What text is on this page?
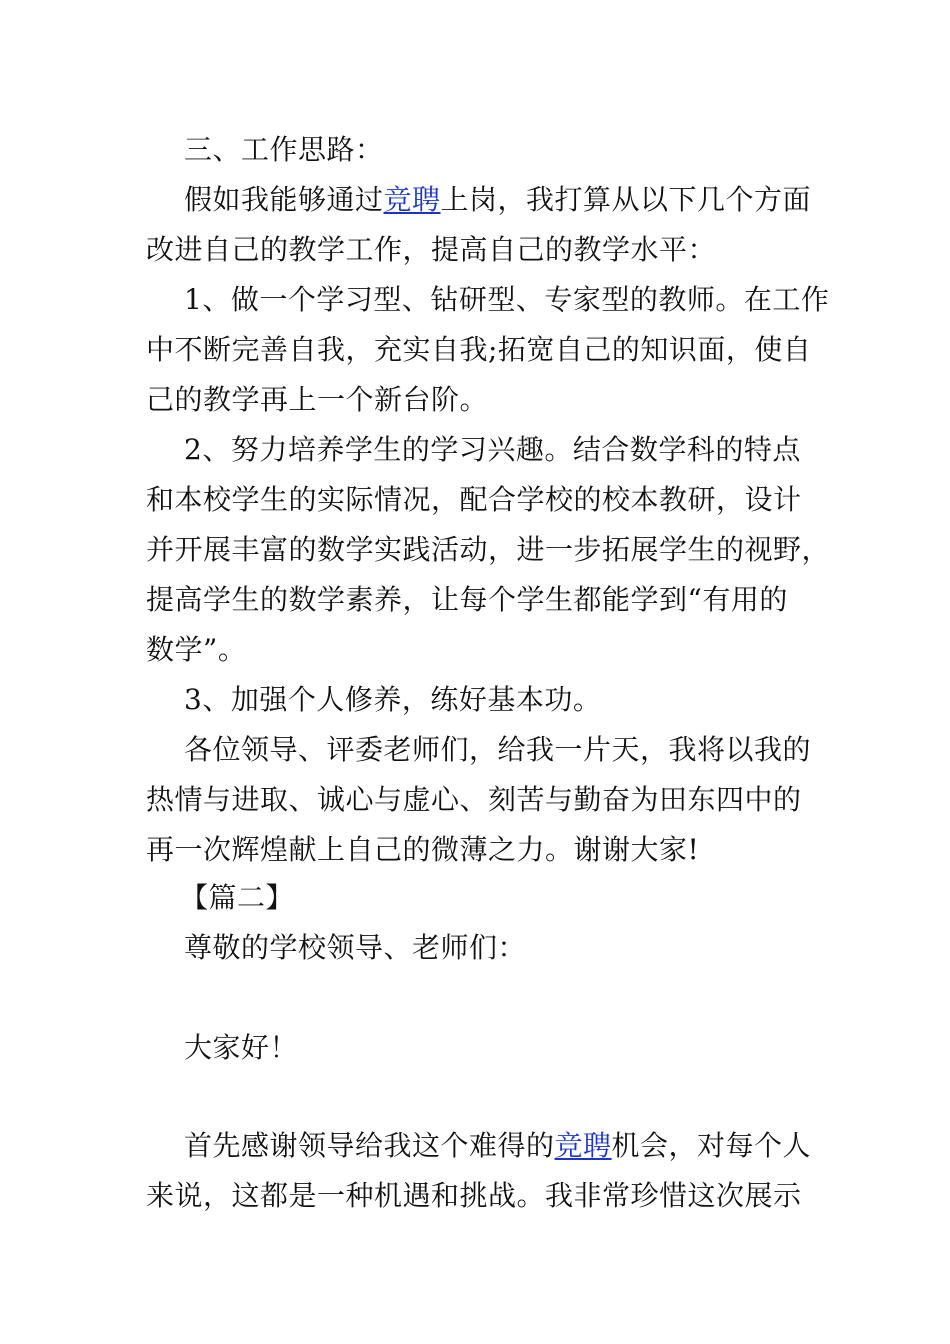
三、工作思路：
假如我能够通过竞聘上岗，我打算从以下几个方面
改进自己的教学工作，提高自己的教学水平：
1、做一个学习型、钻研型、专家型的教师。在工作
中不断完善自我，充实自我;拓宽自己的知识面，使自
己的教学再上一个新台阶。
2、努力培养学生的学习兴趣。结合数学科的特点
和本校学生的实际情况，配合学校的校本教研，设计
并开展丰富的数学实践活动，进一步拓展学生的视野，
提高学生的数学素养，让每个学生都能学到“有用的
数学”。
3、加强个人修养，练好基本功。
各位领导、评委老师们，给我一片天，我将以我的
热情与进取、诚心与虚心、刻苦与勤奋为田东四中的
再一次辉煌献上自己的微薄之力。谢谢大家!
【篇二】
尊敬的学校领导、老师们：
大家好！
首先感谢领导给我这个难得的竞聘机会，对每个人
来说，这都是一种机遇和挑战。我非常珍惜这次展示
